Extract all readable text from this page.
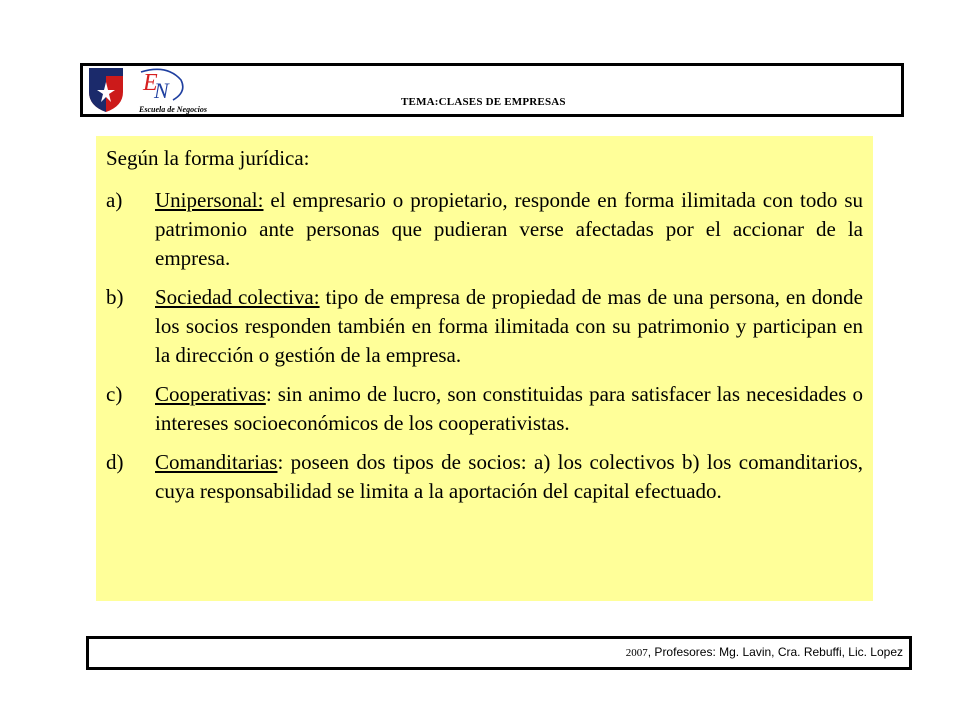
E
N
Escuela de Negocios
TEMA:CLASES DE EMPRESAS

Según la forma jurídica:

a)	Unipersonal: el empresario o propietario, responde en forma ilimitada con todo su patrimonio ante personas que pudieran verse afectadas por el accionar de la empresa.
b)	Sociedad colectiva: tipo de empresa de propiedad de mas de una persona, en donde los socios responden también en forma ilimitada con su patrimonio y participan en la dirección o gestión de la empresa.
c)	Cooperativas: sin animo de lucro, son constituidas para satisfacer las necesidades o intereses socioeconómicos de los cooperativistas.
d)	Comanditarias: poseen dos tipos de socios: a) los colectivos b) los comanditarios, cuya responsabilidad se limita a la aportación del capital efectuado.
2007, Profesores: Mg. Lavin, Cra. Rebuffi, Lic. Lopez
